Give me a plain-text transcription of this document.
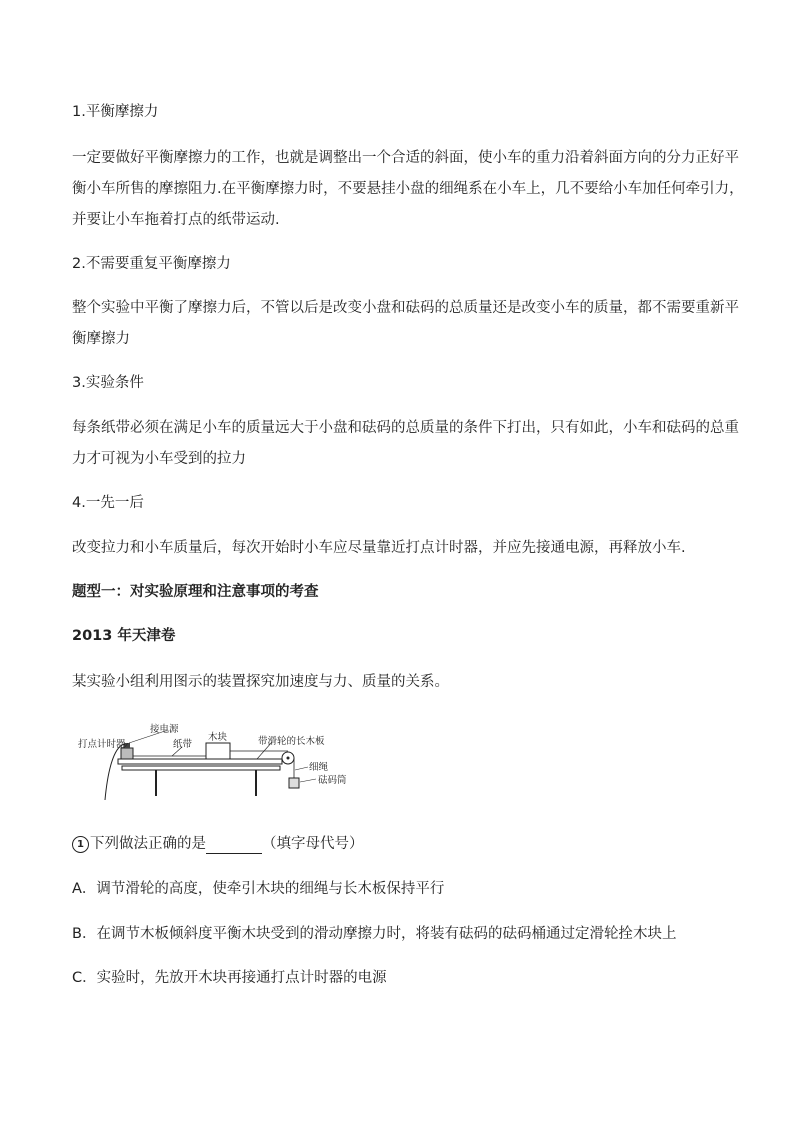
1.平衡摩擦力
一定要做好平衡摩擦力的工作，也就是调整出一个合适的斜面，使小车的重力沿着斜面方向的分力正好平
衡小车所售的摩擦阻力.在平衡摩擦力时，不要悬挂小盘的细绳系在小车上，几不要给小车加任何牵引力，
并要让小车拖着打点的纸带运动.
2.不需要重复平衡摩擦力
整个实验中平衡了摩擦力后，不管以后是改变小盘和砝码的总质量还是改变小车的质量，都不需要重新平
衡摩擦力
3.实验条件
每条纸带必须在满足小车的质量远大于小盘和砝码的总质量的条件下打出，只有如此，小车和砝码的总重
力才可视为小车受到的拉力
4.一先一后
改变拉力和小车质量后，每次开始时小车应尽量靠近打点计时器，并应先接通电源，再释放小车.
题型一：对实验原理和注意事项的考查
2013 年天津卷
某实验小组利用图示的装置探究加速度与力、质量的关系。
接电源
打点计时器	纸带
木块	带滑轮的长木板
细绳
砝码筒
1 下列做法正确的是	（填字母代号）
A．调节滑轮的高度，使牵引木块的细绳与长木板保持平行
B．在调节木板倾斜度平衡木块受到的滑动摩擦力时，将装有砝码的砝码桶通过定滑轮拴木块上
C．实验时，先放开木块再接通打点计时器的电源
